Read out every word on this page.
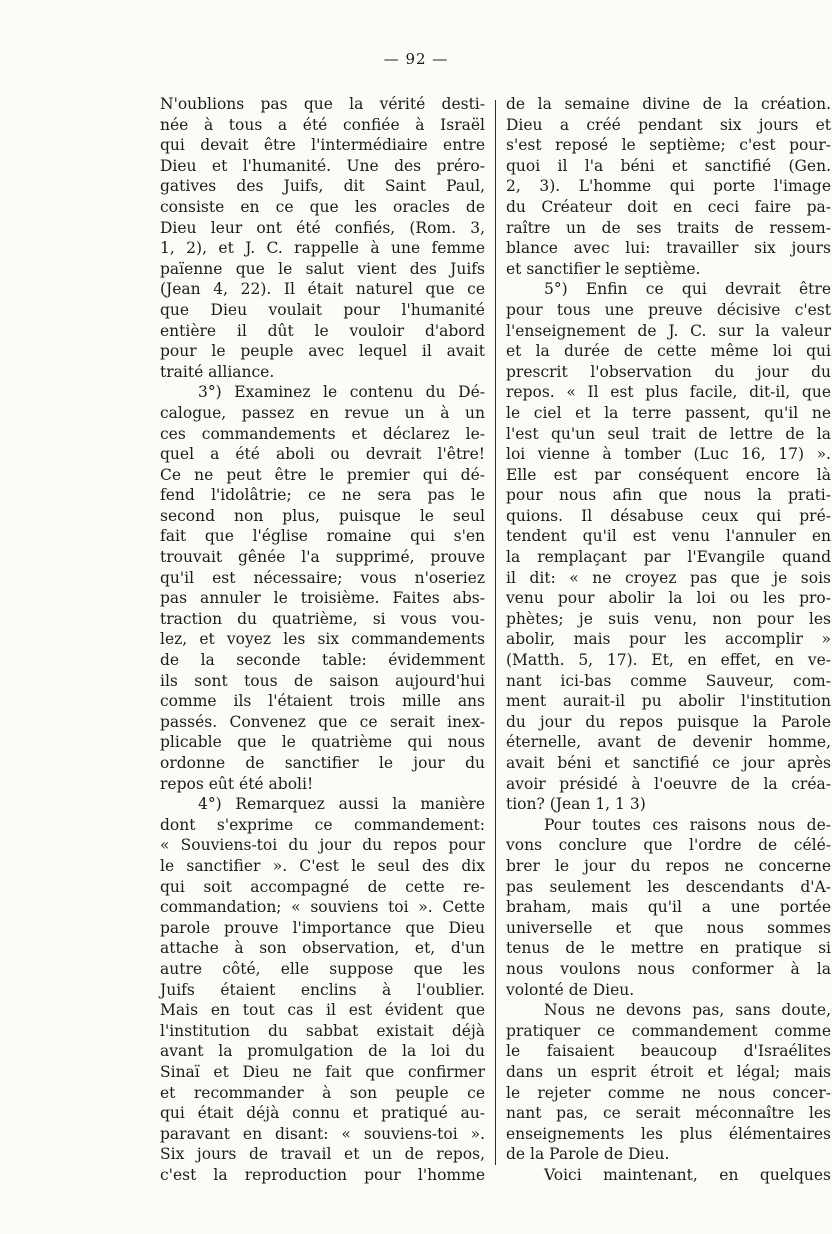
— 92 —
N'oublions pas que la vérité desti-
née à tous a été confiée à Israël
qui devait être l'intermédiaire entre
Dieu et l'humanité. Une des préro-
gatives des Juifs, dit Saint Paul,
consiste en ce que les oracles de
Dieu leur ont été confiés, (Rom. 3,
1, 2), et J. C. rappelle à une femme
païenne que le salut vient des Juifs
(Jean 4, 22). Il était naturel que ce
que Dieu voulait pour l'humanité
entière il dût le vouloir d'abord
pour le peuple avec lequel il avait
traité alliance.
3°) Examinez le contenu du Dé-
calogue, passez en revue un à un
ces commandements et déclarez le-
quel a été aboli ou devrait l'être!
Ce ne peut être le premier qui dé-
fend l'idolâtrie; ce ne sera pas le
second non plus, puisque le seul
fait que l'église romaine qui s'en
trouvait gênée l'a supprimé, prouve
qu'il est nécessaire; vous n'oseriez
pas annuler le troisième. Faites abs-
traction du quatrième, si vous vou-
lez, et voyez les six commandements
de la seconde table: évidemment
ils sont tous de saison aujourd'hui
comme ils l'étaient trois mille ans
passés. Convenez que ce serait inex-
plicable que le quatrième qui nous
ordonne de sanctifier le jour du
repos eût été aboli!
4°) Remarquez aussi la manière
dont s'exprime ce commandement:
« Souviens-toi du jour du repos pour
le sanctifier ». C'est le seul des dix
qui soit accompagné de cette re-
commandation; « souviens toi ». Cette
parole prouve l'importance que Dieu
attache à son observation, et, d'un
autre côté, elle suppose que les
Juifs étaient enclins à l'oublier.
Mais en tout cas il est évident que
l'institution du sabbat existait déjà
avant la promulgation de la loi du
Sinaï et Dieu ne fait que confirmer
et recommander à son peuple ce
qui était déjà connu et pratiqué au-
paravant en disant: « souviens-toi ».
Six jours de travail et un de repos,
c'est la reproduction pour l'homme
de la semaine divine de la création.
Dieu a créé pendant six jours et
s'est reposé le septième; c'est pour-
quoi il l'a béni et sanctifié (Gen.
2, 3). L'homme qui porte l'image
du Créateur doit en ceci faire pa-
raître un de ses traits de ressem-
blance avec lui: travailler six jours
et sanctifier le septième.
5°) Enfin ce qui devrait être
pour tous une preuve décisive c'est
l'enseignement de J. C. sur la valeur
et la durée de cette même loi qui
prescrit l'observation du jour du
repos. « Il est plus facile, dit-il, que
le ciel et la terre passent, qu'il ne
l'est qu'un seul trait de lettre de la
loi vienne à tomber (Luc 16, 17) ».
Elle est par conséquent encore là
pour nous afin que nous la prati-
quions. Il désabuse ceux qui pré-
tendent qu'il est venu l'annuler en
la remplaçant par l'Evangile quand
il dit: « ne croyez pas que je sois
venu pour abolir la loi ou les pro-
phètes; je suis venu, non pour les
abolir, mais pour les accomplir »
(Matth. 5, 17). Et, en effet, en ve-
nant ici-bas comme Sauveur, com-
ment aurait-il pu abolir l'institution
du jour du repos puisque la Parole
éternelle, avant de devenir homme,
avait béni et sanctifié ce jour après
avoir présidé à l'oeuvre de la créa-
tion? (Jean 1, 1 3)
Pour toutes ces raisons nous de-
vons conclure que l'ordre de célé-
brer le jour du repos ne concerne
pas seulement les descendants d'A-
braham, mais qu'il a une portée
universelle et que nous sommes
tenus de le mettre en pratique si
nous voulons nous conformer à la
volonté de Dieu.
Nous ne devons pas, sans doute,
pratiquer ce commandement comme
le faisaient beaucoup d'Israélites
dans un esprit étroit et légal; mais
le rejeter comme ne nous concer-
nant pas, ce serait méconnaître les
enseignements les plus élémentaires
de la Parole de Dieu.
Voici maintenant, en quelques
